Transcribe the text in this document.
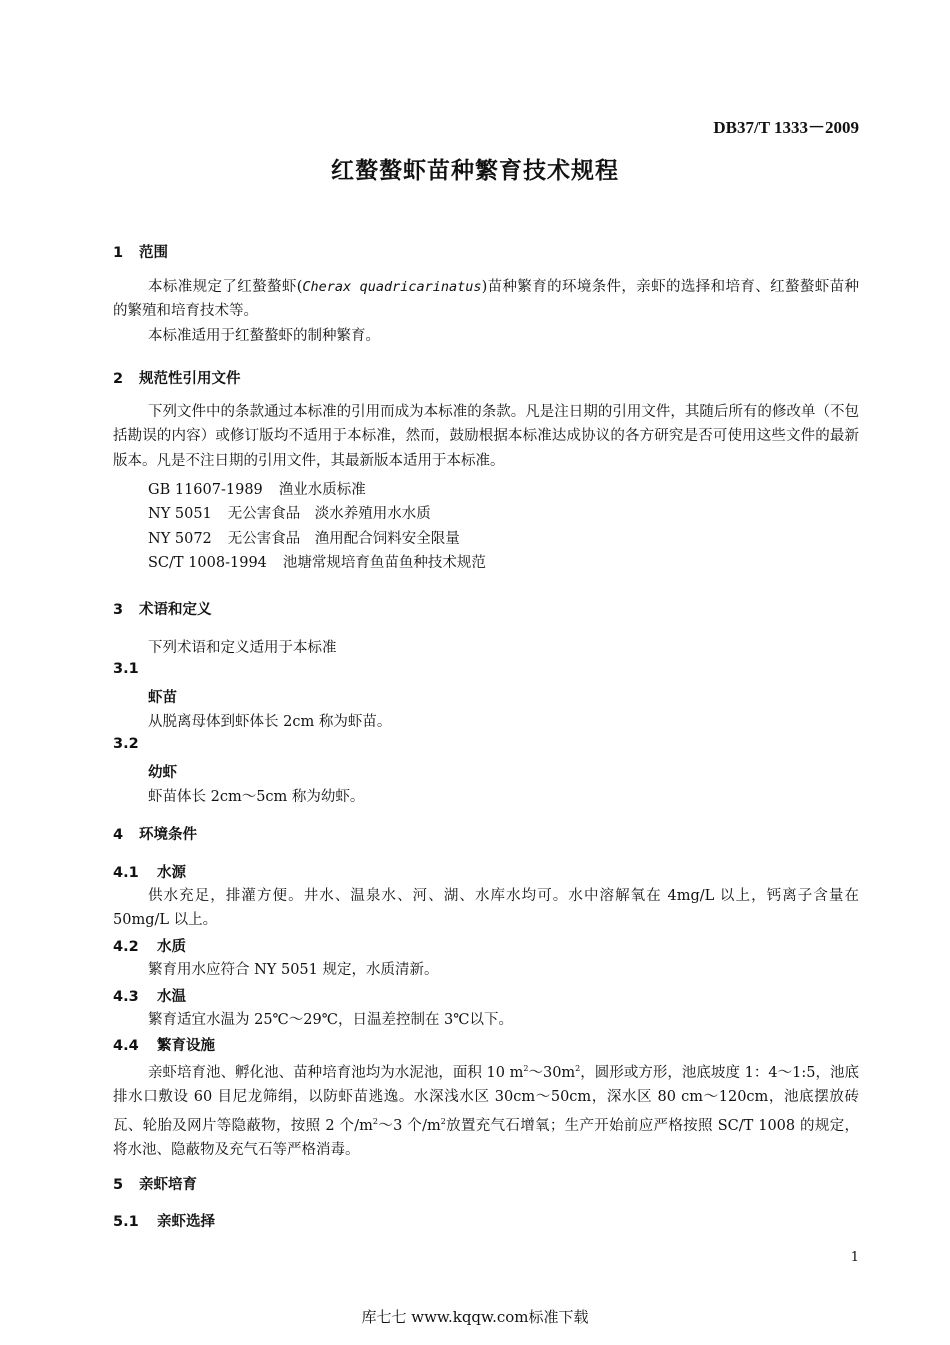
DB37/T 1333－2009
红螯螯虾苗种繁育技术规程
1 范围
本标准规定了红螯螯虾(Cherax quadricarinatus)苗种繁育的环境条件，亲虾的选择和培育、红螯螯虾苗种的繁殖和培育技术等。
本标准适用于红螯螯虾的制种繁育。
2 规范性引用文件
下列文件中的条款通过本标准的引用而成为本标准的条款。凡是注日期的引用文件，其随后所有的修改单（不包括勘误的内容）或修订版均不适用于本标准，然而，鼓励根据本标准达成协议的各方研究是否可使用这些文件的最新版本。凡是不注日期的引用文件，其最新版本适用于本标准。
GB 11607-1989 渔业水质标准
NY 5051 无公害食品　淡水养殖用水水质
NY 5072 无公害食品　渔用配合饲料安全限量
SC/T 1008-1994 池塘常规培育鱼苗鱼种技术规范
3 术语和定义
下列术语和定义适用于本标准
3.1
虾苗
从脱离母体到虾体长 2cm 称为虾苗。
3.2
幼虾
虾苗体长 2cm～5cm 称为幼虾。
4 环境条件
4.1 水源
供水充足，排灌方便。井水、温泉水、河、湖、水库水均可。水中溶解氧在 4mg/L 以上，钙离子含量在 50mg/L 以上。
4.2 水质
繁育用水应符合 NY 5051 规定，水质清新。
4.3 水温
繁育适宜水温为 25℃～29℃，日温差控制在 3℃以下。
4.4 繁育设施
亲虾培育池、孵化池、苗种培育池均为水泥池，面积 10 $m^2\sim 30m^2$，圆形或方形，池底坡度 1：4～1:5，池底排水口敷设 60 目尼龙筛绢，以防虾苗逃逸。水深浅水区 30cm～50cm，深水区 80 cm～120cm，池底摆放砖瓦、轮胎及网片等隐蔽物，按照 2 个$/m^2\sim 3$ 个$/m^2$放置充气石增氧；生产开始前应严格按照 SC/T 1008 的规定，将水池、隐蔽物及充气石等严格消毒。
5 亲虾培育
5.1 亲虾选择
1
库七七 www.kqqw.com标准下载
